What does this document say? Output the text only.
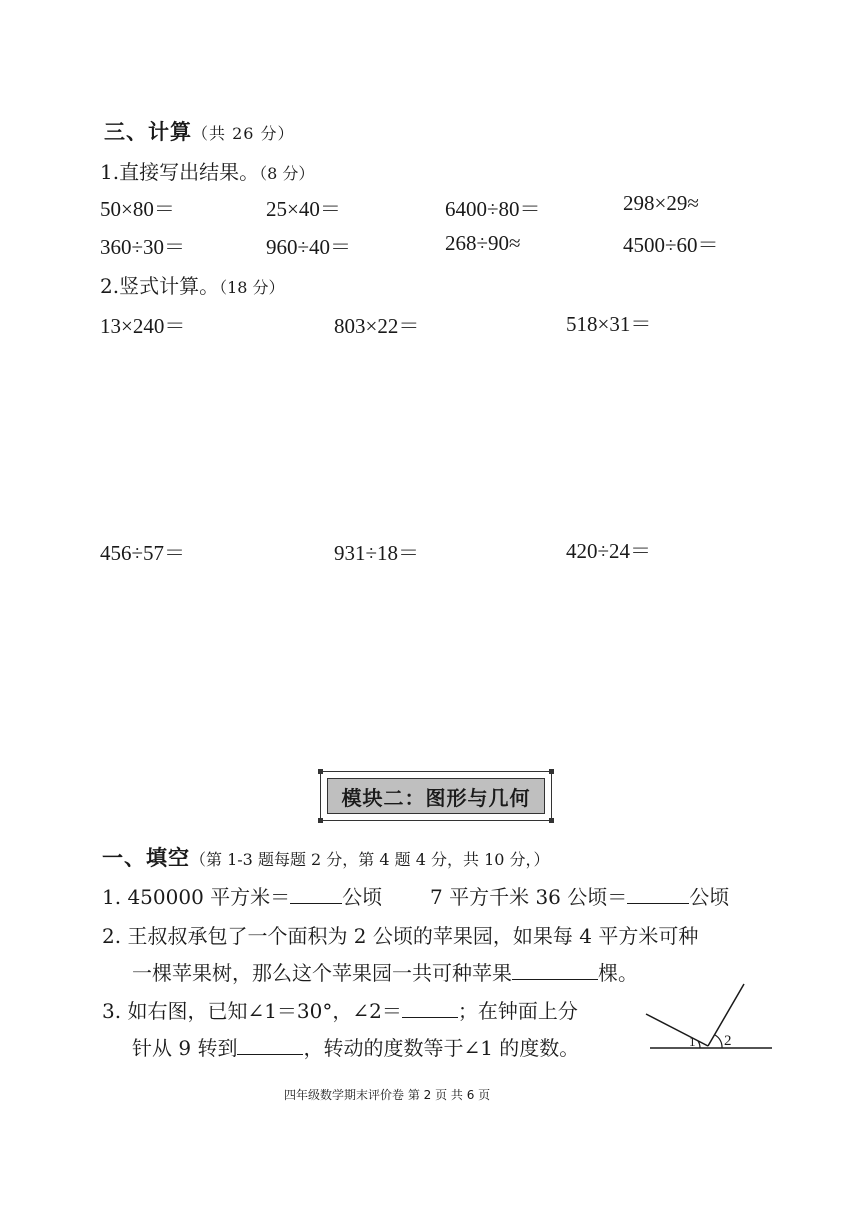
三、计算（共 26 分）
1.直接写出结果。（8 分）
50×80＝	25×40＝	6400÷80＝	298×29≈
360÷30＝	960÷40＝	268÷90≈	4500÷60＝
2.竖式计算。（18 分）
13×240＝	803×22＝	518×31＝
456÷57＝	931÷18＝	420÷24＝
模块二：图形与几何
一、填空（第 1-3 题每题 2 分，第 4 题 4 分，共 10 分，）
1. 450000 平方米＝	公顷 7 平方千米 36 公顷＝	公顷
2. 王叔叔承包了一个面积为 2 公顷的苹果园，如果每 4 平方米可种
一棵苹果树，那么这个苹果园一共可种苹果	棵。
3. 如右图，已知∠1＝30°，∠2＝	；在钟面上分
针从 9 转到	，转动的度数等于∠1 的度数。	1 2
四年级数学期末评价卷 第 2 页 共 6 页
